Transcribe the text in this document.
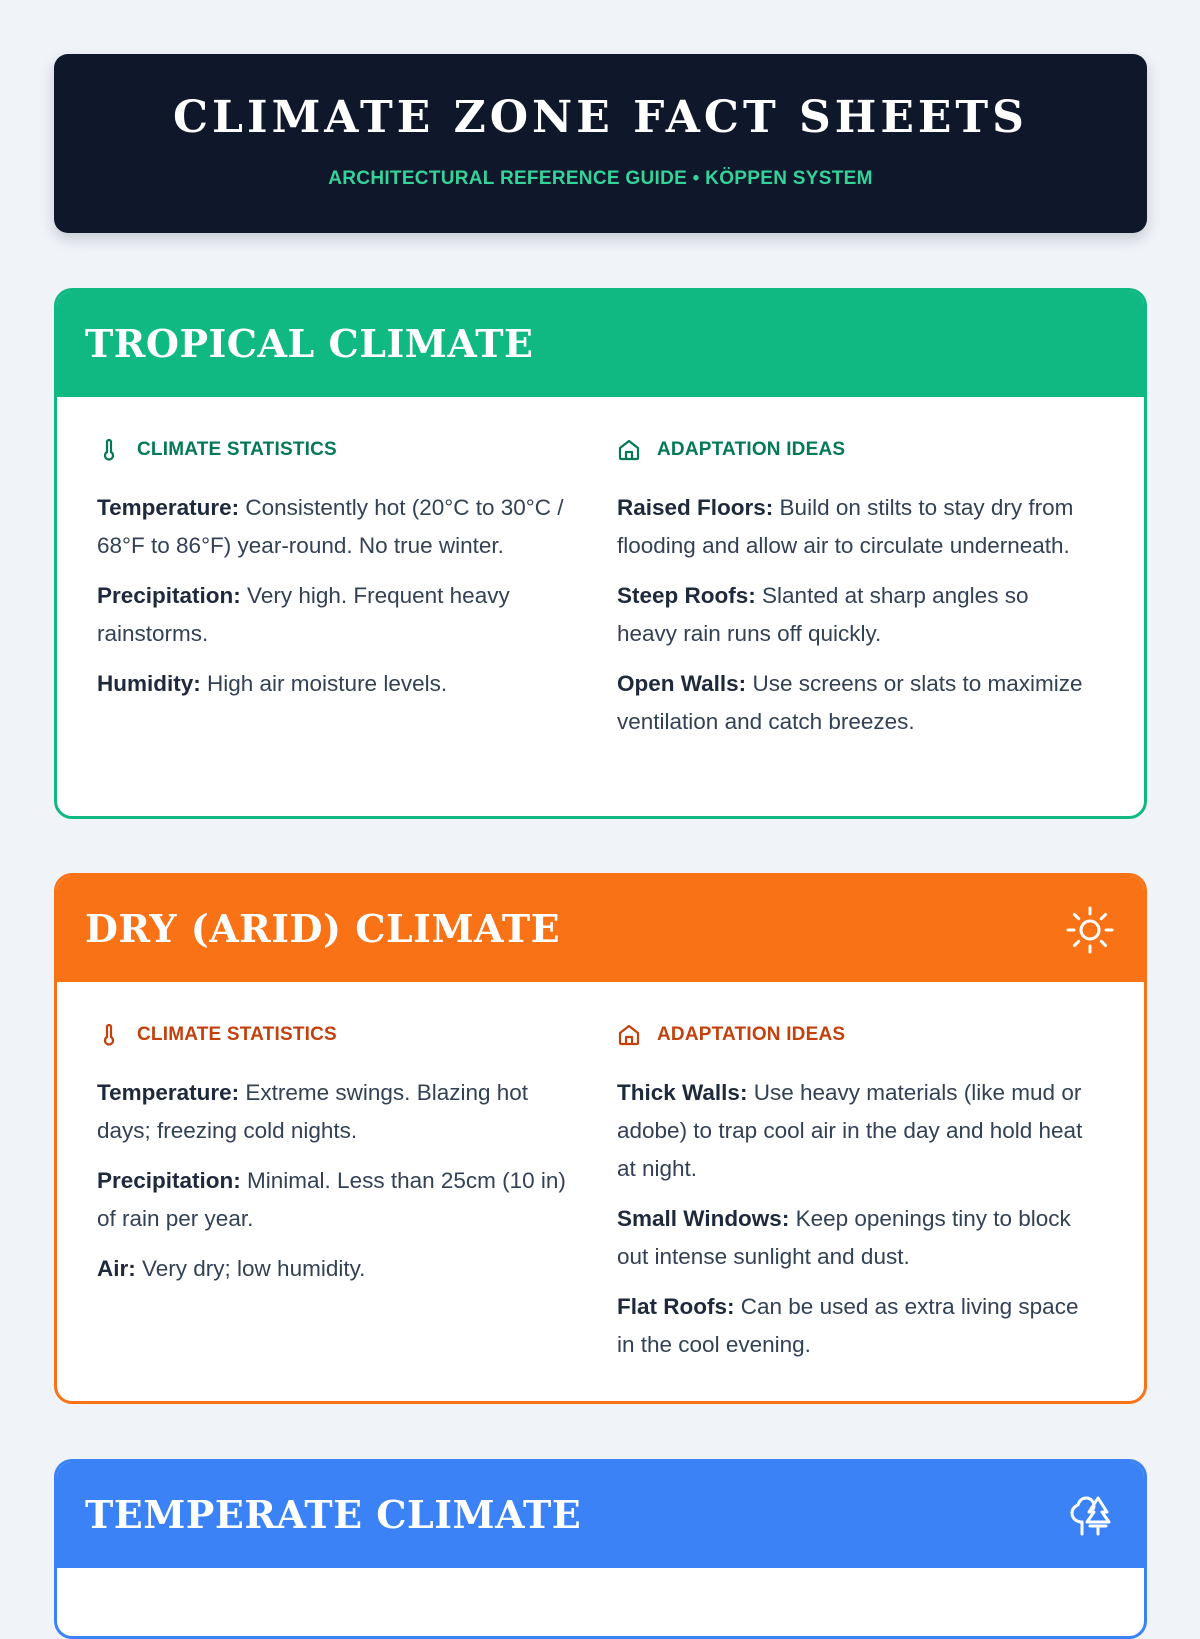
CLIMATE ZONE FACT SHEETS
ARCHITECTURAL REFERENCE GUIDE • KÖPPEN SYSTEM
TROPICAL CLIMATE
CLIMATE STATISTICS

Temperature: Consistently hot (20°C to 30°C / 68°F to 86°F) year-round. No true winter.

Precipitation: Very high. Frequent heavy rainstorms.

Humidity: High air moisture levels.

ADAPTATION IDEAS

Raised Floors: Build on stilts to stay dry from flooding and allow air to circulate underneath.

Steep Roofs: Slanted at sharp angles so heavy rain runs off quickly.

Open Walls: Use screens or slats to maximize ventilation and catch breezes.

DRY (ARID) CLIMATE
CLIMATE STATISTICS

Temperature: Extreme swings. Blazing hot days; freezing cold nights.

Precipitation: Minimal. Less than 25cm (10 in) of rain per year.

Air: Very dry; low humidity.

ADAPTATION IDEAS

Thick Walls: Use heavy materials (like mud or adobe) to trap cool air in the day and hold heat at night.

Small Windows: Keep openings tiny to block out intense sunlight and dust.

Flat Roofs: Can be used as extra living space in the cool evening.

TEMPERATE CLIMATE
